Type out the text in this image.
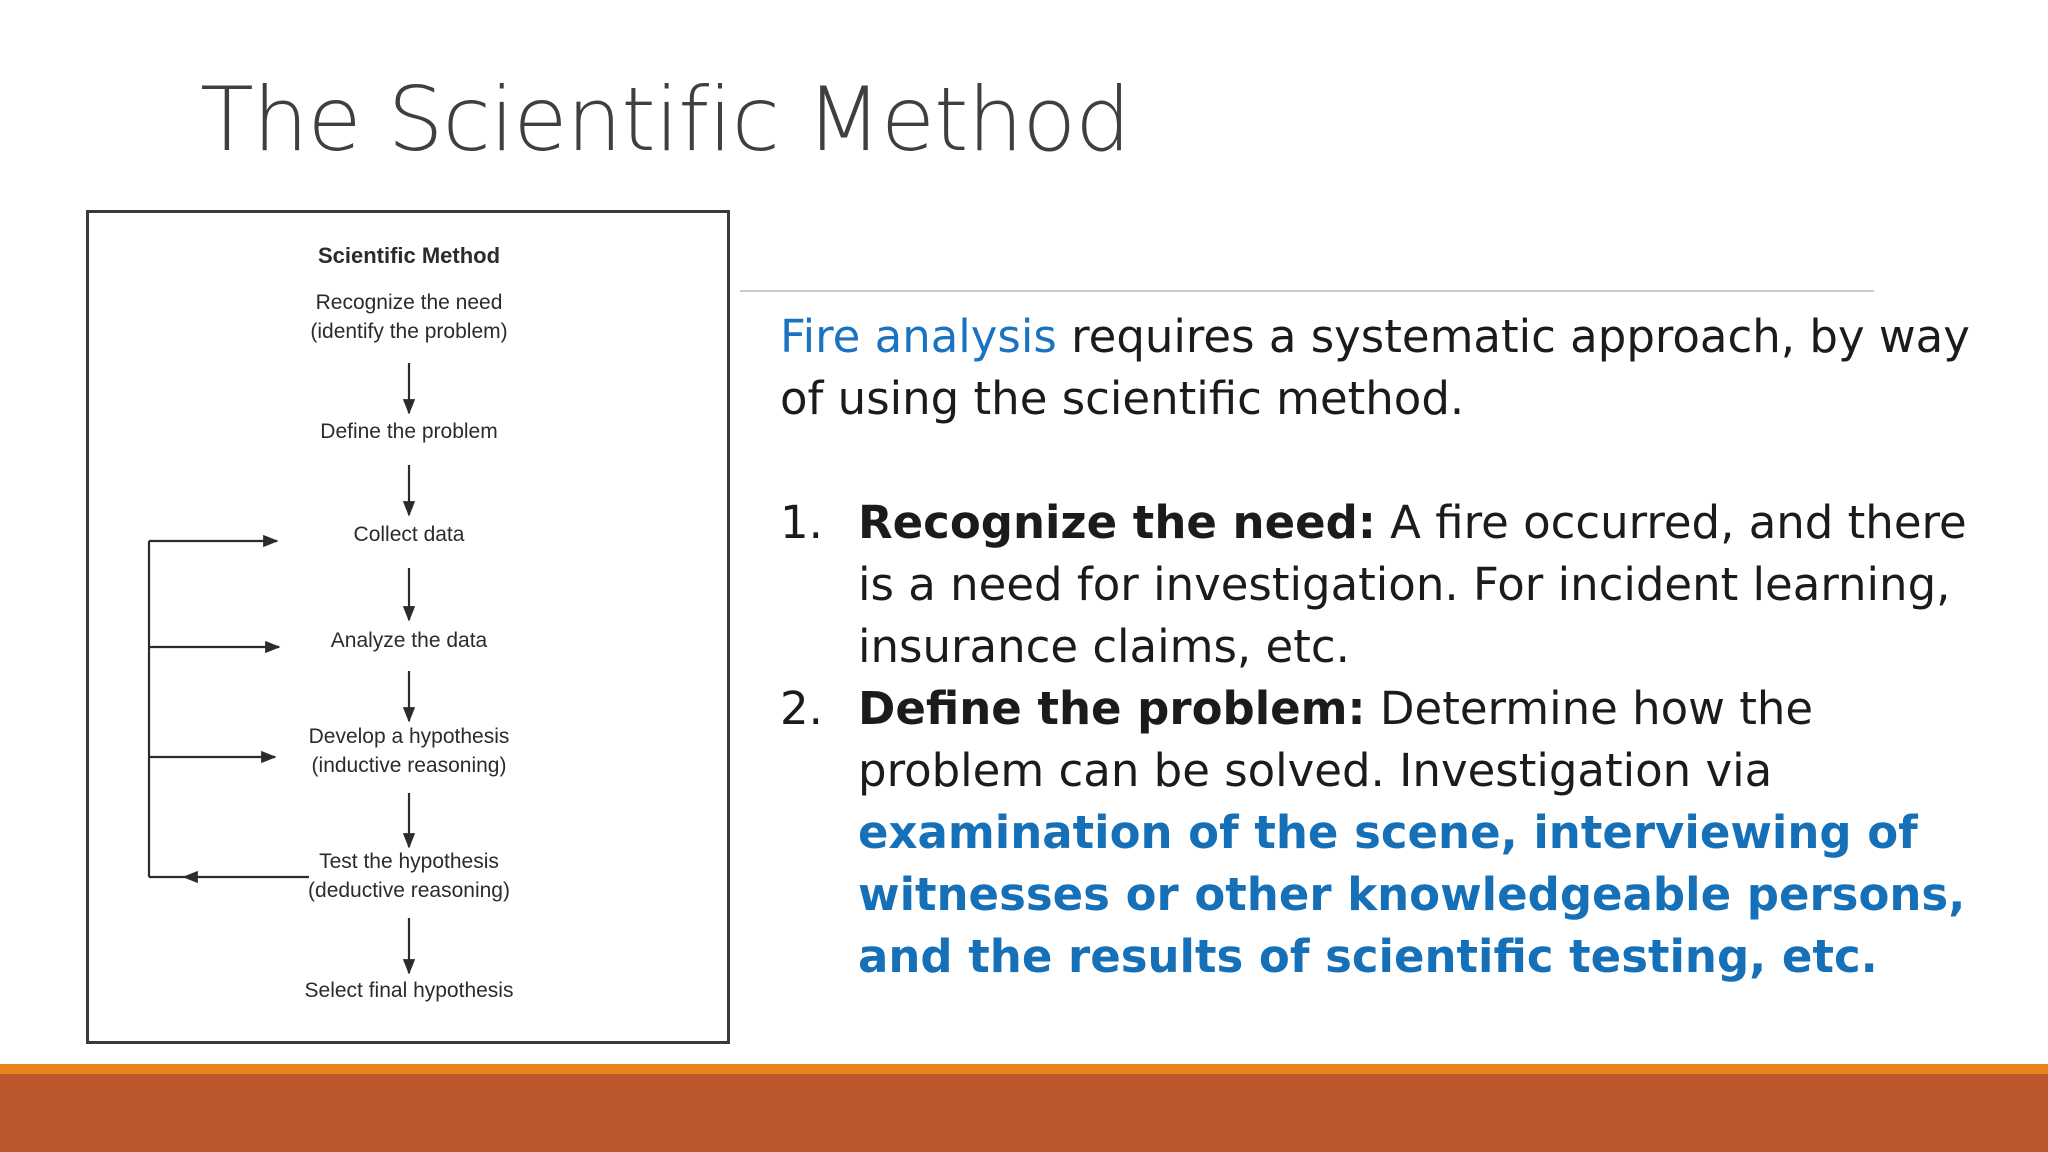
The Scientific Method
Scientific Method
Recognize the need
(identify the problem)
Define the problem
Collect data
Analyze the data
Develop a hypothesis
(inductive reasoning)
Test the hypothesis
(deductive reasoning)
Select final hypothesis

Fire analysis requires a systematic approach, by way of using the scientific method.

1. Recognize the need: A fire occurred, and there is a need for investigation. For incident learning, insurance claims, etc.
2. Define the problem: Determine how the problem can be solved. Investigation via examination of the scene, interviewing of witnesses or other knowledgeable persons, and the results of scientific testing, etc.
